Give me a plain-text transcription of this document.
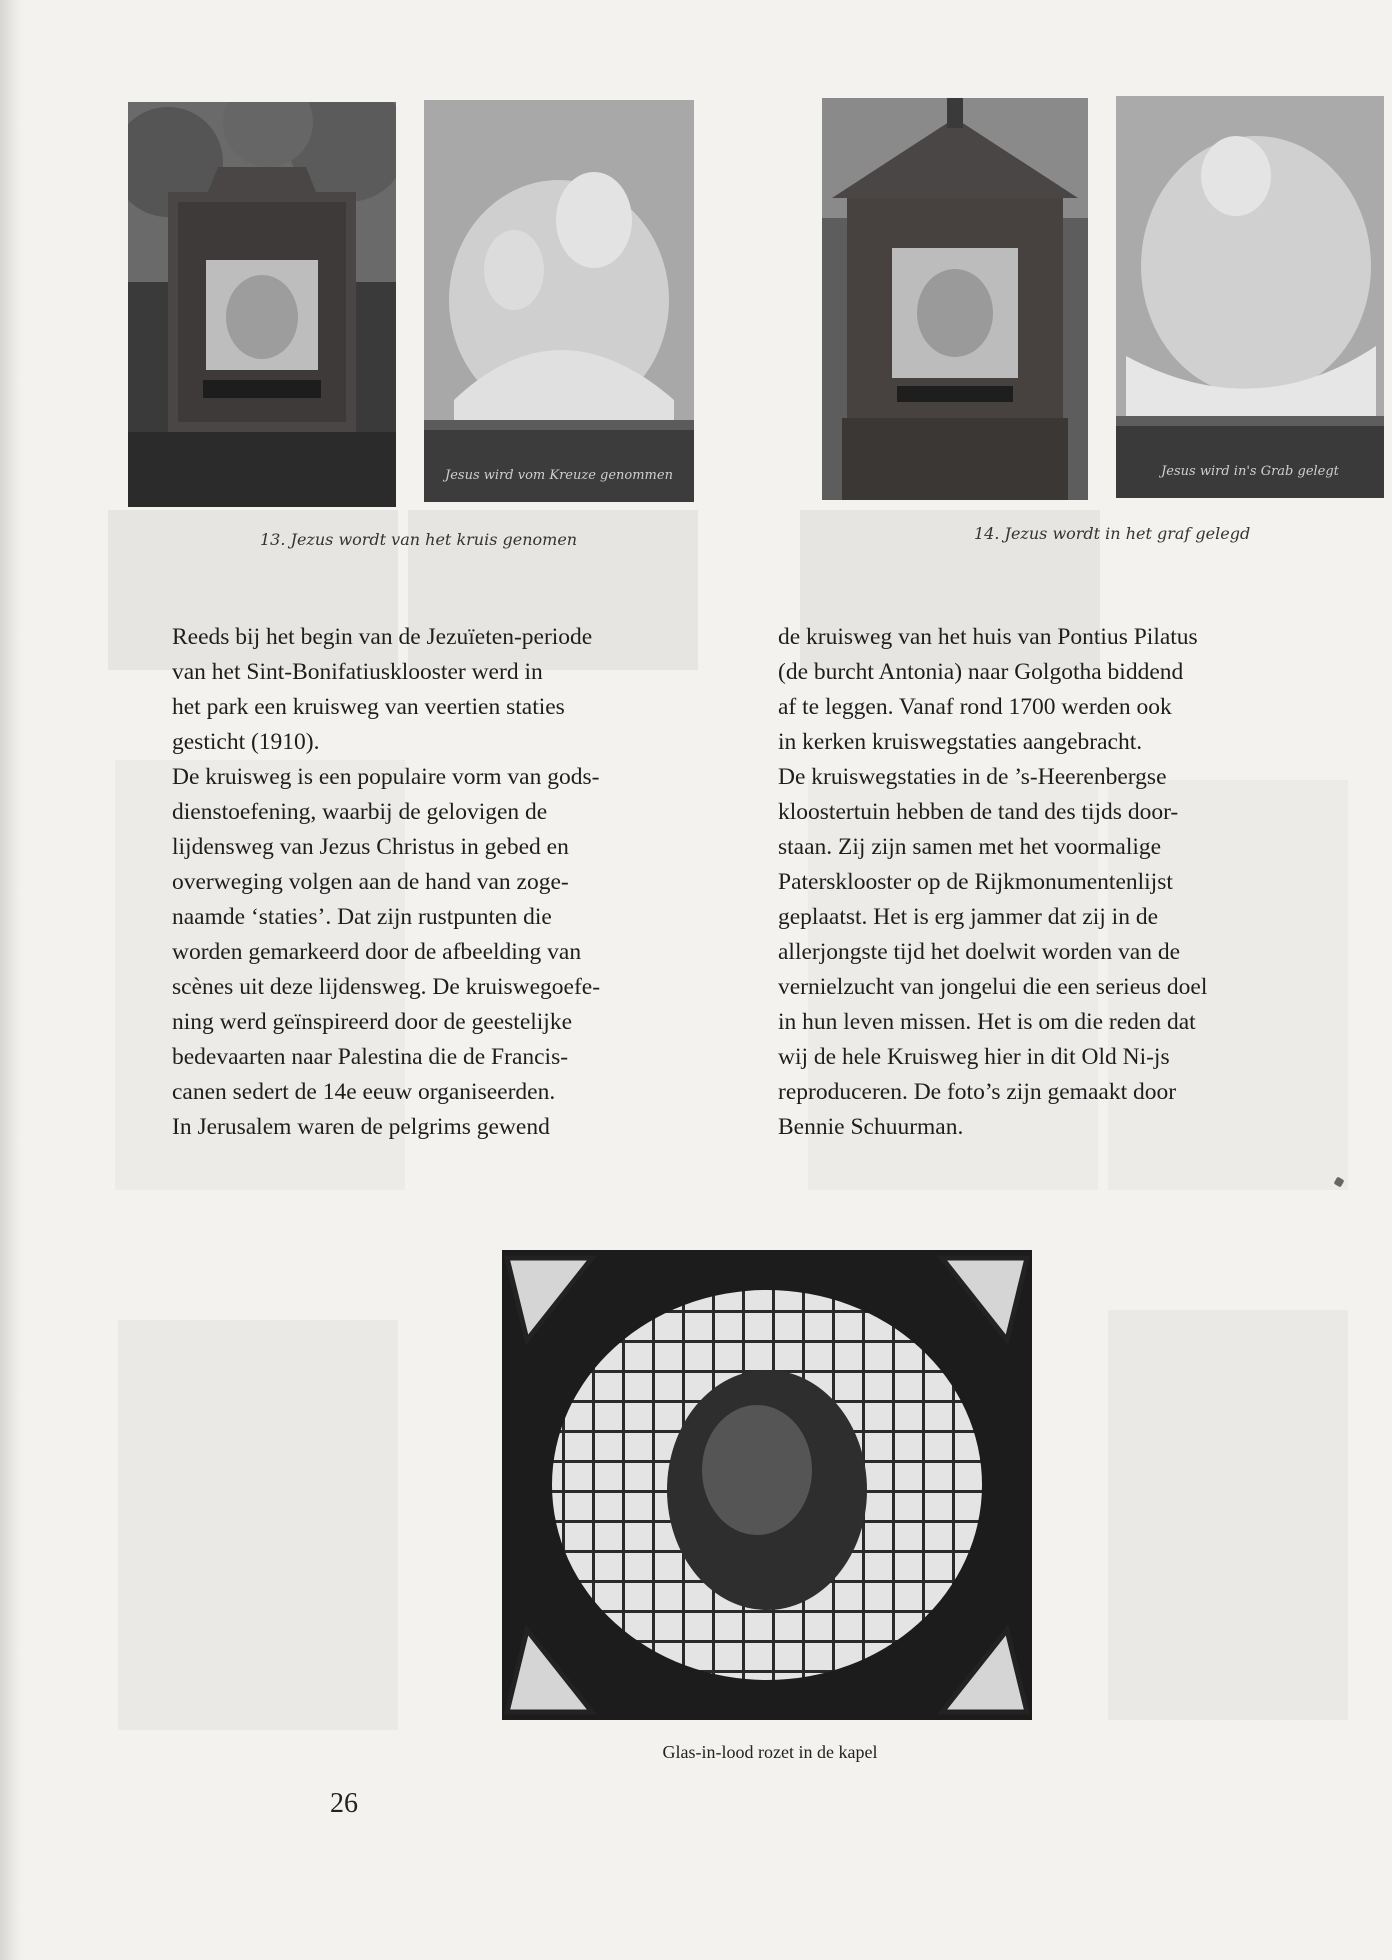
Jesus wird vom Kreuze genommen	Jesus wird in's Grab gelegt
13. Jezus wordt van het kruis genomen	14. Jezus wordt in het graf gelegd

Reeds bij het begin van de Jezuïeten-periode
van het Sint-Bonifatiusklooster werd in
het park een kruisweg van veertien staties
gesticht (1910).
De kruisweg is een populaire vorm van gods-
dienstoefening, waarbij de gelovigen de
lijdensweg van Jezus Christus in gebed en
overweging volgen aan de hand van zoge-
naamde ‘staties’. Dat zijn rustpunten die
worden gemarkeerd door de afbeelding van
scènes uit deze lijdensweg. De kruiswegoefe-
ning werd geïnspireerd door de geestelijke
bedevaarten naar Palestina die de Francis-
canen sedert de 14e eeuw organiseerden.
In Jerusalem waren de pelgrims gewend

de kruisweg van het huis van Pontius Pilatus
(de burcht Antonia) naar Golgotha biddend
af te leggen. Vanaf rond 1700 werden ook
in kerken kruiswegstaties aangebracht.
De kruiswegstaties in de ’s-Heerenbergse
kloostertuin hebben de tand des tijds door-
staan. Zij zijn samen met het voormalige
Patersklooster op de Rijkmonumentenlijst
geplaatst. Het is erg jammer dat zij in de
allerjongste tijd het doelwit worden van de
vernielzucht van jongelui die een serieus doel
in hun leven missen. Het is om die reden dat
wij de hele Kruisweg hier in dit Old Ni-js
reproduceren. De foto’s zijn gemaakt door
Bennie Schuurman.

Glas-in-lood rozet in de kapel
26
